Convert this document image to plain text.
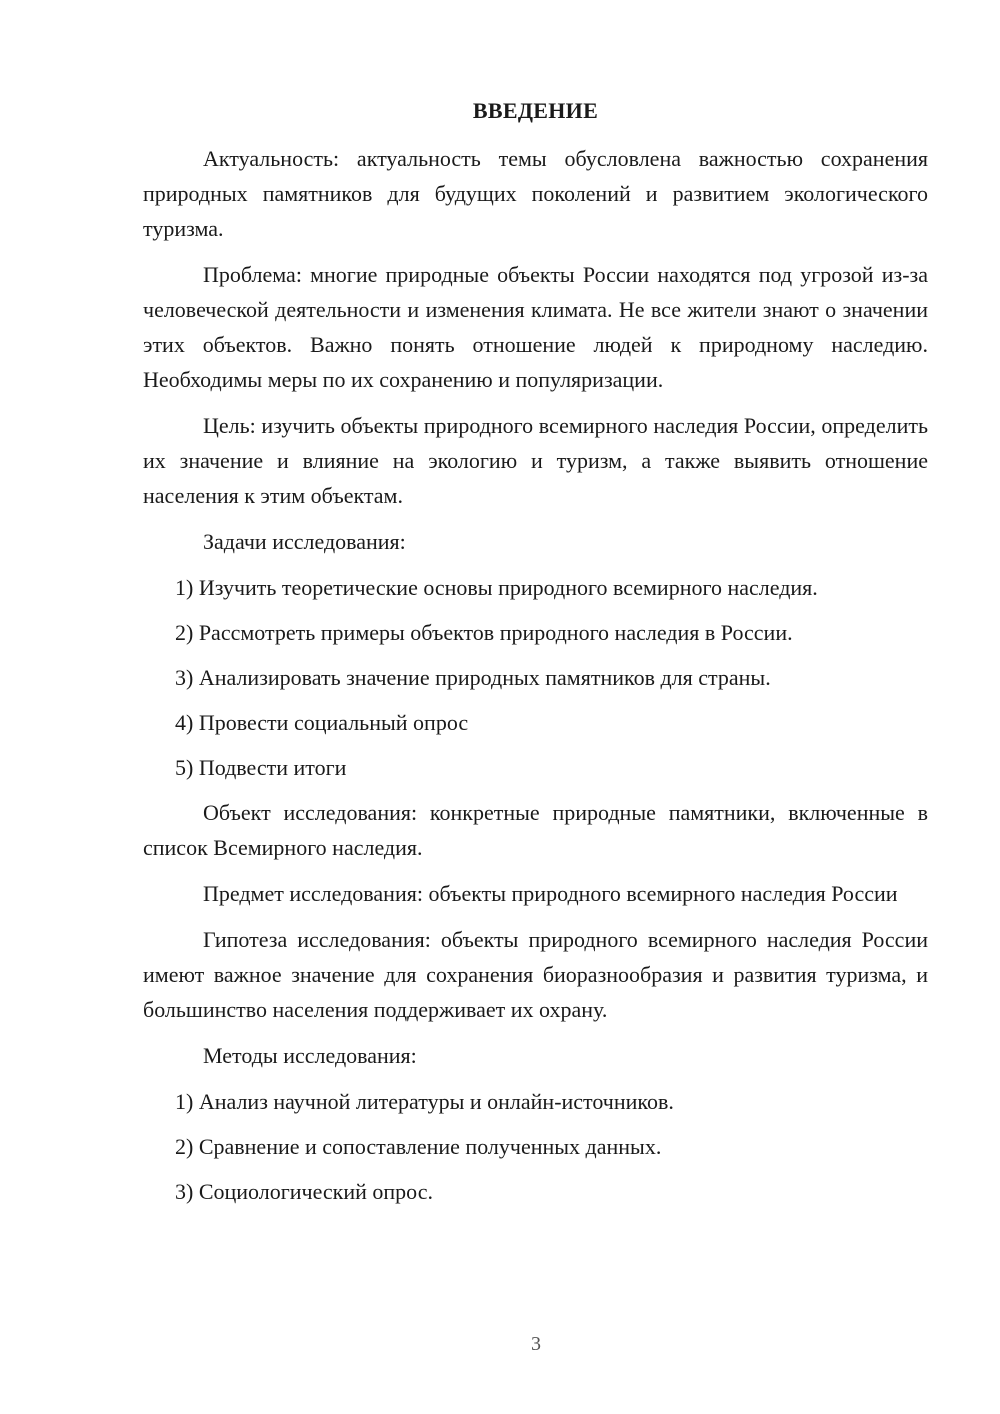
ВВЕДЕНИЕ

Актуальность: актуальность темы обусловлена важностью сохранения природных памятников для будущих поколений и развитием экологического туризма.

Проблема: многие природные объекты России находятся под угрозой из-за человеческой деятельности и изменения климата. Не все жители знают о значении этих объектов. Важно понять отношение людей к природному наследию. Необходимы меры по их сохранению и популяризации.

Цель: изучить объекты природного всемирного наследия России, определить их значение и влияние на экологию и туризм, а также выявить отношение населения к этим объектам.

Задачи исследования:

1) Изучить теоретические основы природного всемирного наследия.

2) Рассмотреть примеры объектов природного наследия в России.

3) Анализировать значение природных памятников для страны.

4) Провести социальный опрос

5) Подвести итоги

Объект исследования: конкретные природные памятники, включенные в список Всемирного наследия.

Предмет исследования: объекты природного всемирного наследия России

Гипотеза исследования: объекты природного всемирного наследия России имеют важное значение для сохранения биоразнообразия и развития туризма, и большинство населения поддерживает их охрану.

Методы исследования:

1) Анализ научной литературы и онлайн-источников.

2) Сравнение и сопоставление полученных данных.

3) Социологический опрос.

3
